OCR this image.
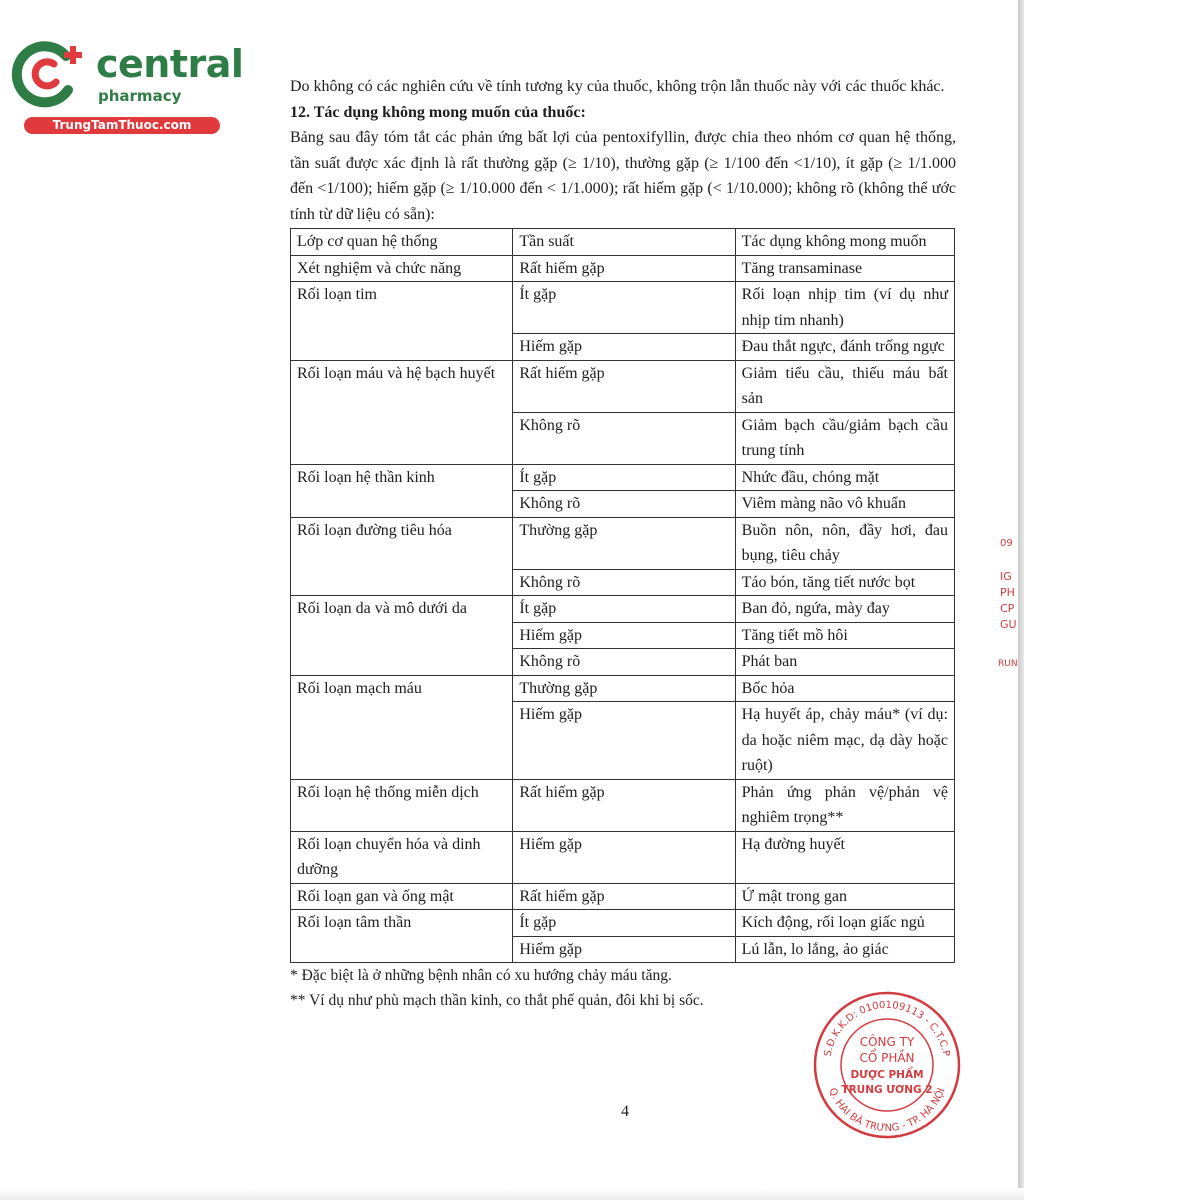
central
pharmacy
TrungTamThuoc.com

Do không có các nghiên cứu về tính tương ky của thuốc, không trộn lẫn thuốc này với các thuốc khác.

12. Tác dụng không mong muốn của thuốc:

Bảng sau đây tóm tắt các phản ứng bất lợi của pentoxifyllin, được chia theo nhóm cơ quan hệ thống, tần suất được xác định là rất thường gặp (≥ 1/10), thường gặp (≥ 1/100 đến <1/10), ít gặp (≥ 1/1.000 đến <1/100); hiếm gặp (≥ 1/10.000 đến < 1/1.000); rất hiếm gặp (< 1/10.000); không rõ (không thể ước tính từ dữ liệu có sẵn):

Lớp cơ quan hệ thống	Tần suất	Tác dụng không mong muốn
Xét nghiệm và chức năng	Rất hiếm gặp	Tăng transaminase
Rối loạn tim	Ít gặp	Rối loạn nhịp tim (ví dụ như nhịp tim nhanh)
	Hiếm gặp	Đau thắt ngực, đánh trống ngực
Rối loạn máu và hệ bạch huyết	Rất hiếm gặp	Giảm tiểu cầu, thiếu máu bất sản
	Không rõ	Giảm bạch cầu/giảm bạch cầu trung tính
Rối loạn hệ thần kinh	Ít gặp	Nhức đầu, chóng mặt
	Không rõ	Viêm màng não vô khuẩn
Rối loạn đường tiêu hóa	Thường gặp	Buồn nôn, nôn, đầy hơi, đau bụng, tiêu chảy
	Không rõ	Táo bón, tăng tiết nước bọt
Rối loạn da và mô dưới da	Ít gặp	Ban đỏ, ngứa, mày đay
	Hiếm gặp	Tăng tiết mồ hôi
	Không rõ	Phát ban
Rối loạn mạch máu	Thường gặp	Bốc hỏa
	Hiếm gặp	Hạ huyết áp, chảy máu* (ví dụ: da hoặc niêm mạc, dạ dày hoặc ruột)
Rối loạn hệ thống miễn dịch	Rất hiếm gặp	Phản ứng phản vệ/phản vệ nghiêm trọng**
Rối loạn chuyển hóa và dinh dưỡng	Hiếm gặp	Hạ đường huyết
Rối loạn gan và ống mật	Rất hiếm gặp	Ứ mật trong gan
Rối loạn tâm thần	Ít gặp	Kích động, rối loạn giấc ngủ
	Hiếm gặp	Lú lẫn, lo lắng, ảo giác

* Đặc biệt là ở những bệnh nhân có xu hướng chảy máu tăng.

** Ví dụ như phù mạch thần kinh, co thắt phế quản, đôi khi bị sốc.

4
S.Đ.K.K.D: 0100109113 - C.T.C.P
Q. HAI BÀ TRƯNG - TP. HÀ NỘI
CÔNG TY
CỔ PHẦN
DƯỢC PHẨM
TRUNG ƯƠNG 2
09
IG
PH
CP
GU
RUN
